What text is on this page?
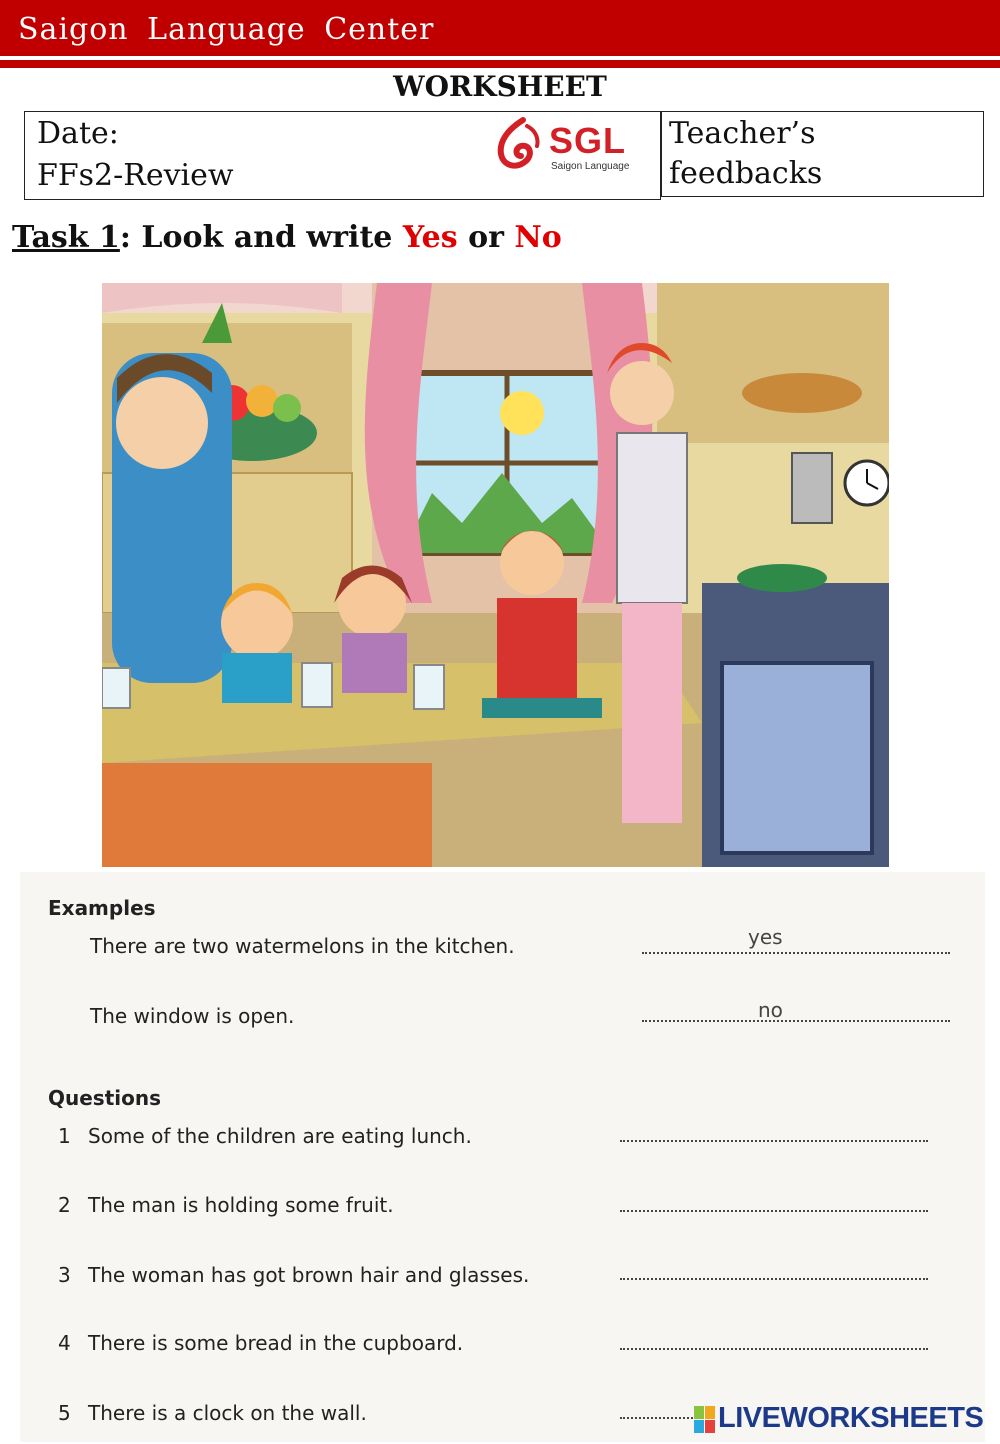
Saigon Language Center
WORKSHEET
Date:
FFs2-Review
SGL
Saigon Language
Teacher’s
feedbacks
Task 1: Look and write Yes or No
Examples
There are two watermelons in the kitchen.	yes
The window is open.	no
Questions
1 Some of the children are eating lunch.
2 The man is holding some fruit.
3 The woman has got brown hair and glasses.
4 There is some bread in the cupboard.
5 There is a clock on the wall.	LIVEWORKSHEETS
